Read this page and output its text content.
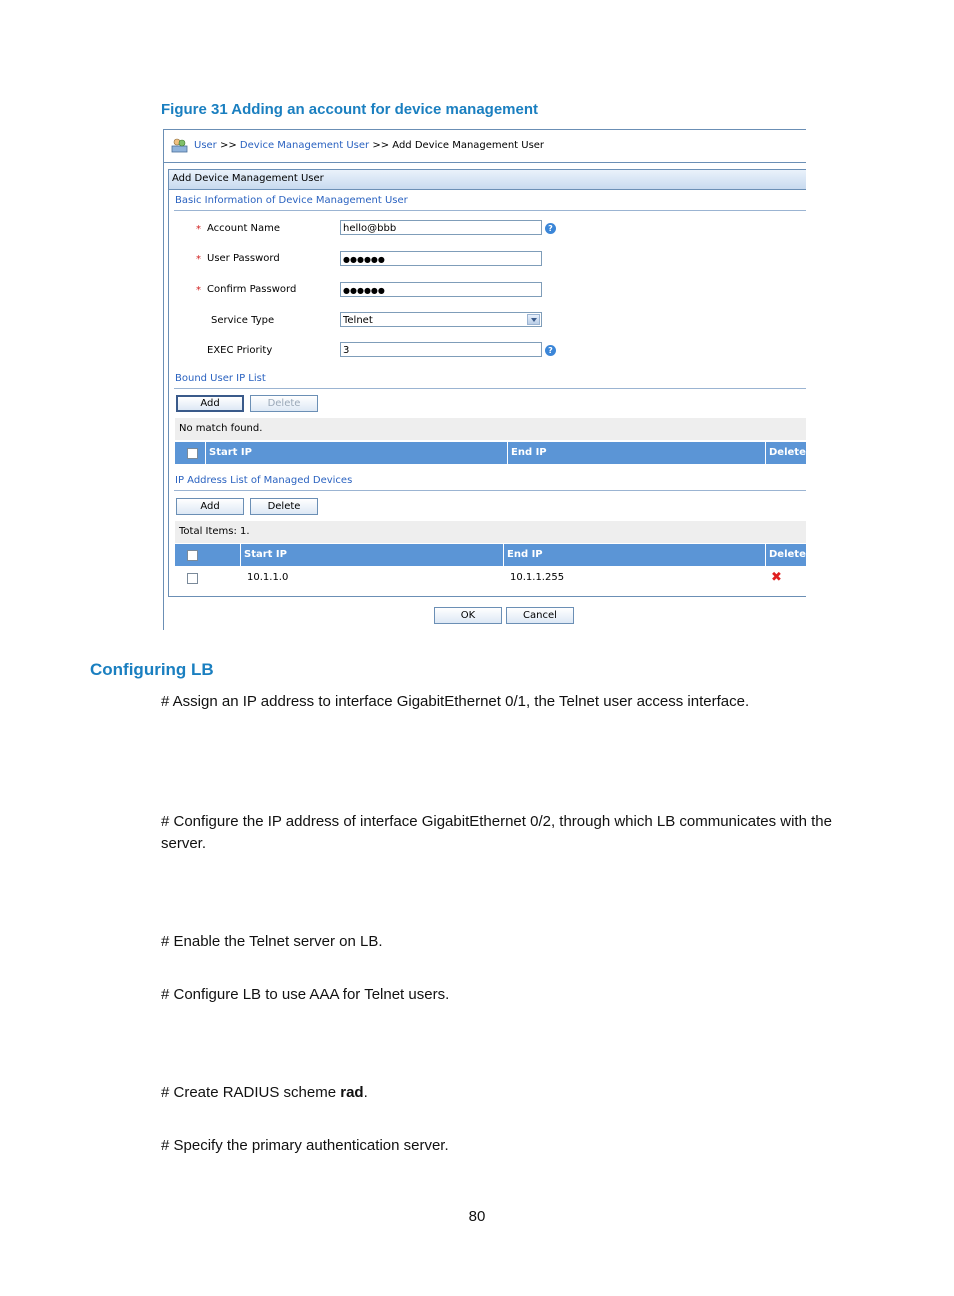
Figure 31 Adding an account for device management
User >> Device Management User >> Add Device Management User
Add Device Management User
Basic Information of Device Management User
* Account Name	hello@bbb	?
* User Password	●●●●●●
* Confirm Password	●●●●●●
Service Type	Telnet
EXEC Priority	3	?
Bound User IP List
Add	Delete
No match found.
Start IP	End IP	Delete
IP Address List of Managed Devices
Add	Delete
Total Items: 1.
Start IP	End IP	Delete
10.1.1.0	10.1.1.255	✖
OK	Cancel
Configuring LB
# Assign an IP address to interface GigabitEthernet 0/1, the Telnet user access interface.
# Configure the IP address of interface GigabitEthernet 0/2, through which LB communicates with the server.
# Enable the Telnet server on LB.
# Configure LB to use AAA for Telnet users.
# Create RADIUS scheme rad.
# Specify the primary authentication server.
80
